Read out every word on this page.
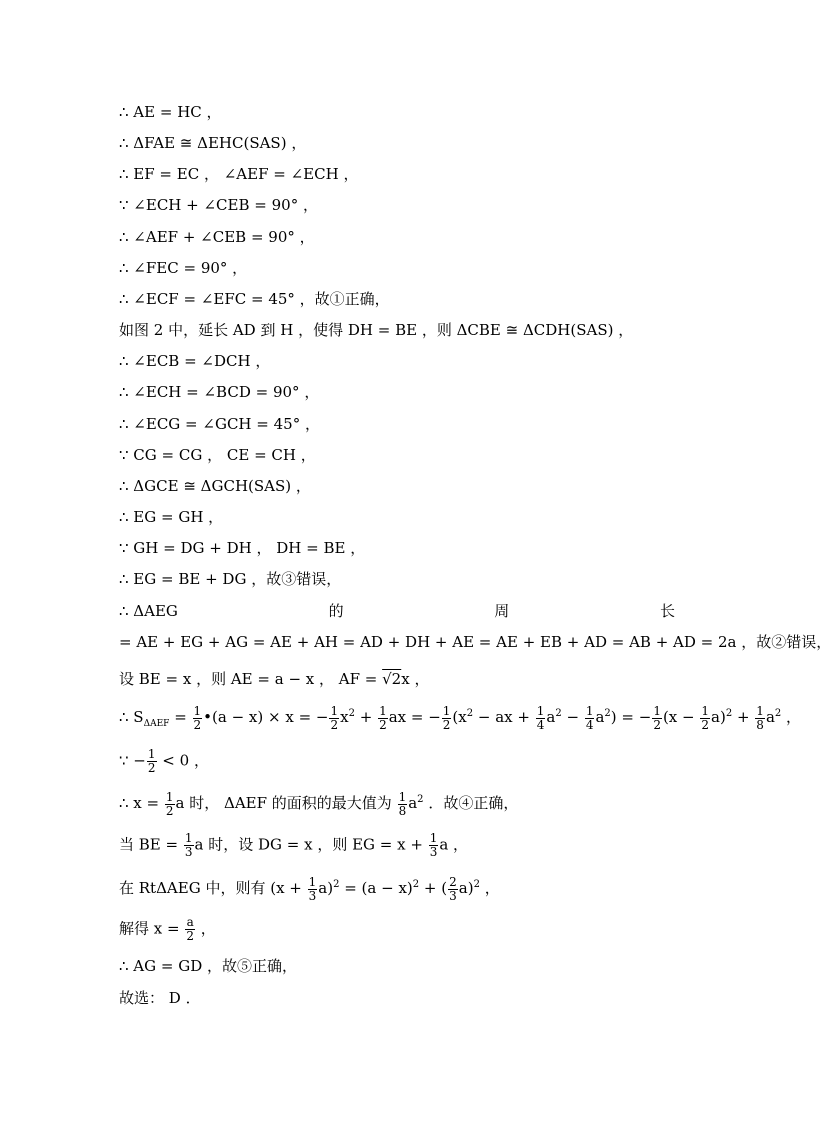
∴ AE = HC ，
∴ ΔFAE ≅ ΔEHC(SAS) ，
∴ EF = EC ， ∠AEF = ∠ECH ，
∵ ∠ECH + ∠CEB = 90° ，
∴ ∠AEF + ∠CEB = 90° ，
∴ ∠FEC = 90° ，
∴ ∠ECF = ∠EFC = 45° ，故①正确，
如图 2 中，延长 AD 到 H ，使得 DH = BE ，则 ΔCBE ≅ ΔCDH(SAS) ，
∴ ∠ECB = ∠DCH ，
∴ ∠ECH = ∠BCD = 90° ，
∴ ∠ECG = ∠GCH = 45° ，
∵ CG = CG ， CE = CH ，
∴ ΔGCE ≅ ΔGCH(SAS) ，
∴ EG = GH ，
∵ GH = DG + DH ， DH = BE ，
∴ EG = BE + DG ，故③错误，
∴ ΔAEG	的	周	长
= AE + EG + AG = AE + AH = AD + DH + AE = AE + EB + AD = AB + AD = 2a ，故②错误，
设 BE = x ，则 AE = a − x ， AF = √2x ，
∴ $S_{\Delta AEF} = \frac{1}{2}$ •(a − x) × x = − $\frac{1}{2} x^2 + \frac{1}{2}$ ax = − $\frac{1}{2} (x^2$ − ax + $\frac{1}{4} a^2 - \frac{1}{4} a^2$) = − $\frac{1}{2} (x - \frac{1}{2} a)^2 + \frac{1}{8} a^2$ ，
∵ − $\frac{1}{2} < 0$ ，
∴ $x = \frac{1}{2}$ a 时， ΔAEF 的面积的最大值为 $\frac{1}{8} a^2$ ．故④正确，
当 BE = $\frac{1}{3}$ a 时，设 DG = x ，则 EG = $x + \frac{1}{3}$ a ，
在 RtΔAEG 中，则有 $(x + \frac{1}{3} a)^2 = (a - x)^2$ + ( $\frac{2}{3} a)^2$ ，
解得 $x = \frac{a}{2}$ ，
∴ AG = GD ，故⑤正确，
故选： D ．
